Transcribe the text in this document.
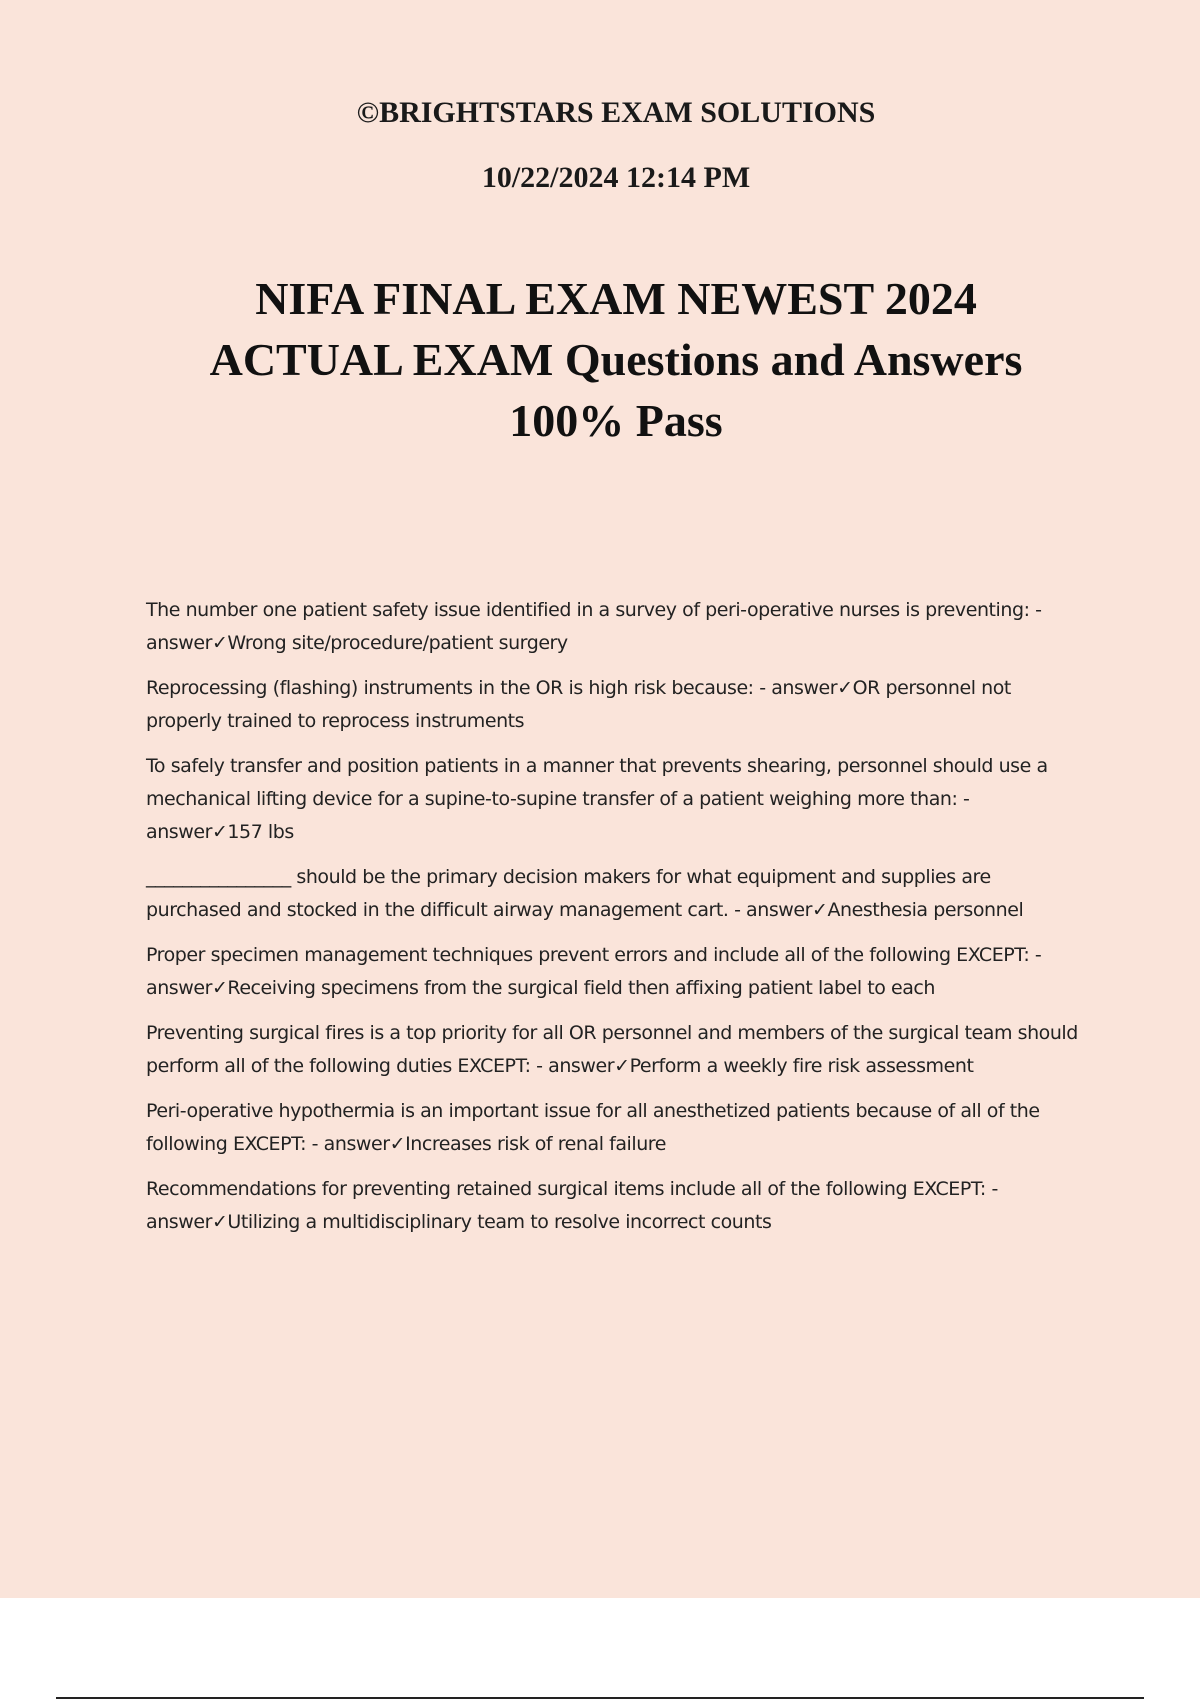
©BRIGHTSTARS EXAM SOLUTIONS
10/22/2024 12:14 PM
NIFA FINAL EXAM NEWEST 2024
ACTUAL EXAM Questions and Answers
100% Pass

The number one patient safety issue identified in a survey of peri-operative nurses is preventing: - answer✓Wrong site/procedure/patient surgery

Reprocessing (flashing) instruments in the OR is high risk because: - answer✓OR personnel not properly trained to reprocess instruments

To safely transfer and position patients in a manner that prevents shearing, personnel should use a mechanical lifting device for a supine-to-supine transfer of a patient weighing more than: - answer✓157 lbs

________________ should be the primary decision makers for what equipment and supplies are purchased and stocked in the difficult airway management cart. - answer✓Anesthesia personnel

Proper specimen management techniques prevent errors and include all of the following EXCEPT: - answer✓Receiving specimens from the surgical field then affixing patient label to each

Preventing surgical fires is a top priority for all OR personnel and members of the surgical team should perform all of the following duties EXCEPT: - answer✓Perform a weekly fire risk assessment

Peri-operative hypothermia is an important issue for all anesthetized patients because of all of the following EXCEPT: - answer✓Increases risk of renal failure

Recommendations for preventing retained surgical items include all of the following EXCEPT: - answer✓Utilizing a multidisciplinary team to resolve incorrect counts
